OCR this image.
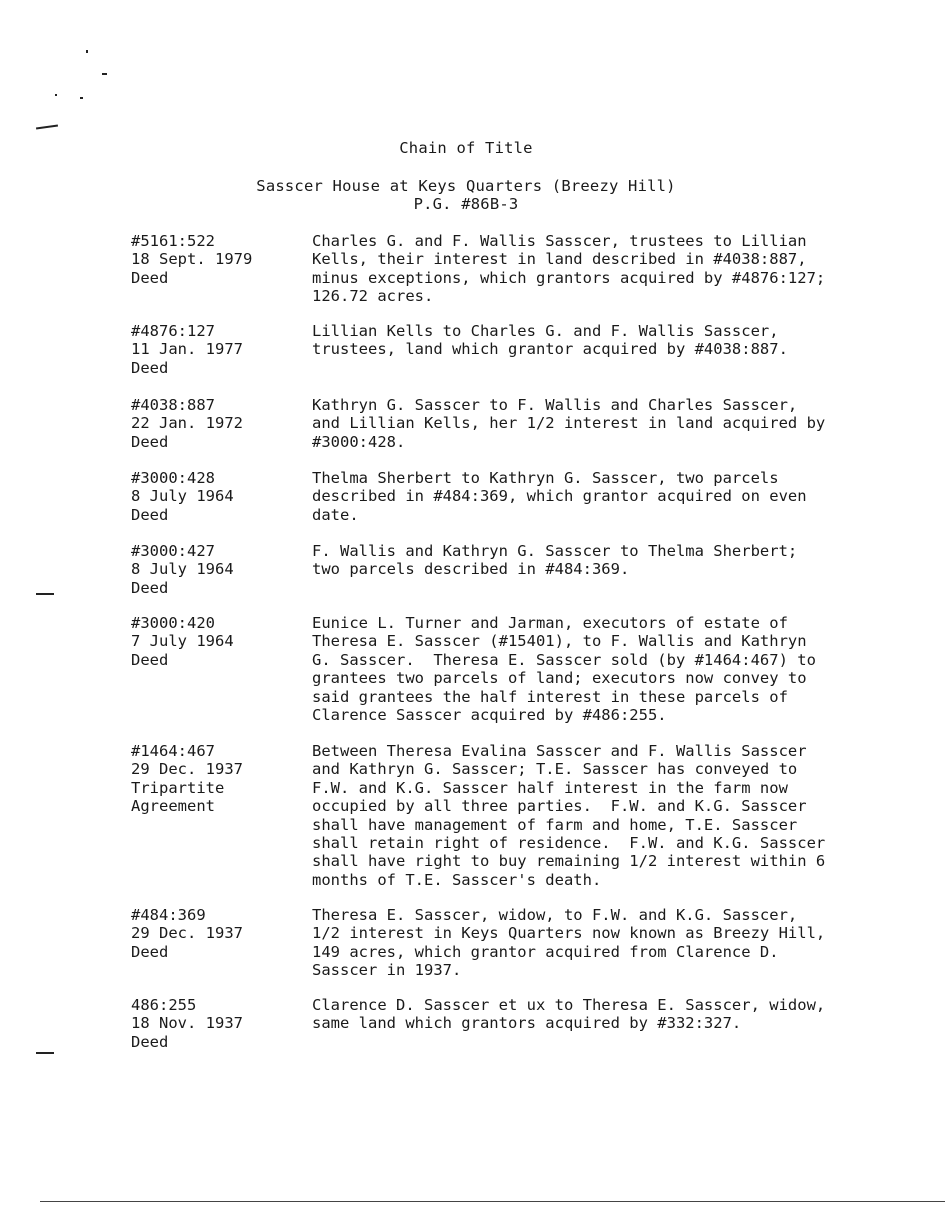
Chain of Title
Sasscer House at Keys Quarters (Breezy Hill)
P.G. #86B-3
#5161:522
18 Sept. 1979
Deed
Charles G. and F. Wallis Sasscer, trustees to Lillian
Kells, their interest in land described in #4038:887,
minus exceptions, which grantors acquired by #4876:127;
126.72 acres.
#4876:127
11 Jan. 1977
Deed
Lillian Kells to Charles G. and F. Wallis Sasscer,
trustees, land which grantor acquired by #4038:887.
#4038:887
22 Jan. 1972
Deed
Kathryn G. Sasscer to F. Wallis and Charles Sasscer,
and Lillian Kells, her 1/2 interest in land acquired by
#3000:428.
#3000:428
8 July 1964
Deed
Thelma Sherbert to Kathryn G. Sasscer, two parcels
described in #484:369, which grantor acquired on even
date.
#3000:427
8 July 1964
Deed
F. Wallis and Kathryn G. Sasscer to Thelma Sherbert;
two parcels described in #484:369.
#3000:420
7 July 1964
Deed
Eunice L. Turner and Jarman, executors of estate of
Theresa E. Sasscer (#15401), to F. Wallis and Kathryn
G. Sasscer.  Theresa E. Sasscer sold (by #1464:467) to
grantees two parcels of land; executors now convey to
said grantees the half interest in these parcels of
Clarence Sasscer acquired by #486:255.
#1464:467
29 Dec. 1937
Tripartite
Agreement
Between Theresa Evalina Sasscer and F. Wallis Sasscer
and Kathryn G. Sasscer; T.E. Sasscer has conveyed to
F.W. and K.G. Sasscer half interest in the farm now
occupied by all three parties.  F.W. and K.G. Sasscer
shall have management of farm and home, T.E. Sasscer
shall retain right of residence.  F.W. and K.G. Sasscer
shall have right to buy remaining 1/2 interest within 6
months of T.E. Sasscer's death.
#484:369
29 Dec. 1937
Deed
Theresa E. Sasscer, widow, to F.W. and K.G. Sasscer,
1/2 interest in Keys Quarters now known as Breezy Hill,
149 acres, which grantor acquired from Clarence D.
Sasscer in 1937.
486:255
18 Nov. 1937
Deed
Clarence D. Sasscer et ux to Theresa E. Sasscer, widow,
same land which grantors acquired by #332:327.
